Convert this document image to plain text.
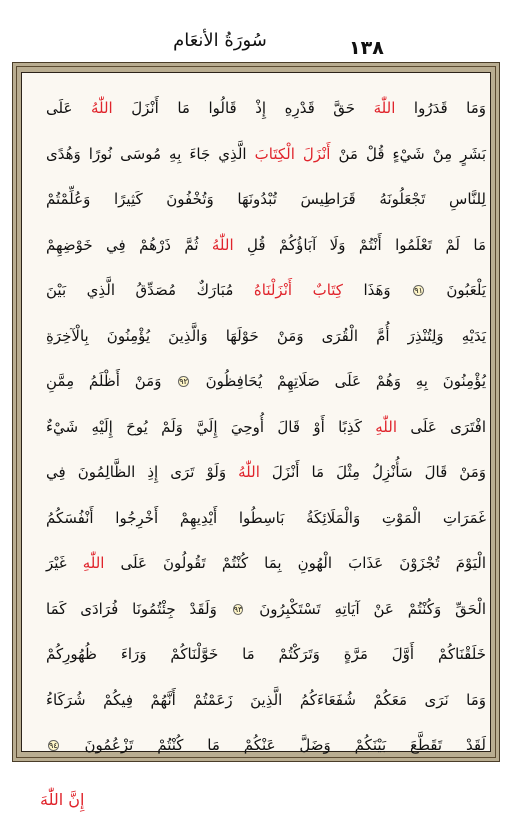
١٣٨
سُورَةُ الأنعَام
وَمَا قَدَرُوا اللّٰهَ حَقَّ قَدْرِهِ إِذْ قَالُوا مَا أَنْزَلَ اللّٰهُ عَلَى
بَشَرٍ مِنْ شَيْءٍ قُلْ مَنْ أَنْزَلَ الْكِتَابَ الَّذِي جَاءَ بِهِ مُوسَى نُورًا وَهُدًى
لِلنَّاسِ تَجْعَلُونَهُ قَرَاطِيسَ تُبْدُونَهَا وَتُخْفُونَ كَثِيرًا وَعُلِّمْتُمْ
مَا لَمْ تَعْلَمُوا أَنْتُمْ وَلَا آبَاؤُكُمْ قُلِ اللّٰهُ ثُمَّ ذَرْهُمْ فِي خَوْضِهِمْ
يَلْعَبُونَ ٩١ وَهَذَا كِتَابٌ أَنْزَلْنَاهُ مُبَارَكٌ مُصَدِّقُ الَّذِي بَيْنَ
يَدَيْهِ وَلِتُنْذِرَ أُمَّ الْقُرَى وَمَنْ حَوْلَهَا وَالَّذِينَ يُؤْمِنُونَ بِالْآخِرَةِ
يُؤْمِنُونَ بِهِ وَهُمْ عَلَى صَلَاتِهِمْ يُحَافِظُونَ ٩٢ وَمَنْ أَظْلَمُ مِمَّنِ
افْتَرَى عَلَى اللّٰهِ كَذِبًا أَوْ قَالَ أُوحِيَ إِلَيَّ وَلَمْ يُوحَ إِلَيْهِ شَيْءٌ
وَمَنْ قَالَ سَأُنْزِلُ مِثْلَ مَا أَنْزَلَ اللّٰهُ وَلَوْ تَرَى إِذِ الظَّالِمُونَ فِي
غَمَرَاتِ الْمَوْتِ وَالْمَلَائِكَةُ بَاسِطُوا أَيْدِيهِمْ أَخْرِجُوا أَنْفُسَكُمُ
الْيَوْمَ تُجْزَوْنَ عَذَابَ الْهُونِ بِمَا كُنْتُمْ تَقُولُونَ عَلَى اللّٰهِ غَيْرَ
الْحَقِّ وَكُنْتُمْ عَنْ آيَاتِهِ تَسْتَكْبِرُونَ ٩٣ وَلَقَدْ جِئْتُمُونَا فُرَادَى كَمَا
خَلَقْنَاكُمْ أَوَّلَ مَرَّةٍ وَتَرَكْتُمْ مَا خَوَّلْنَاكُمْ وَرَاءَ ظُهُورِكُمْ
وَمَا نَرَى مَعَكُمْ شُفَعَاءَكُمُ الَّذِينَ زَعَمْتُمْ أَنَّهُمْ فِيكُمْ شُرَكَاءُ
لَقَدْ تَقَطَّعَ بَيْنَكُمْ وَضَلَّ عَنْكُمْ مَا كُنْتُمْ تَزْعُمُونَ ٩٤
إِنَّ اللّٰهَ
